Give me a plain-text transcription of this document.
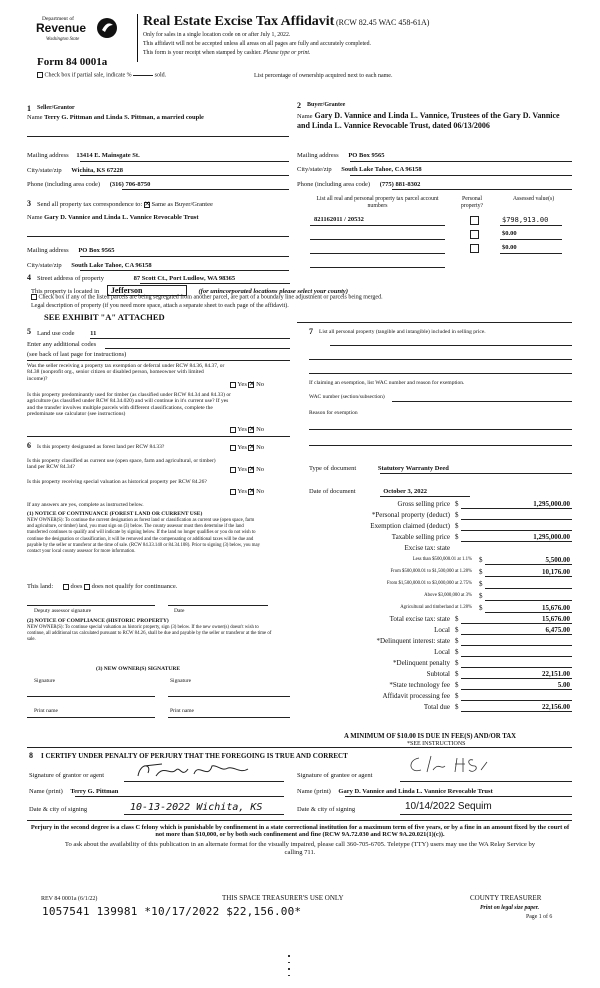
Department of
Revenue
Washington State
Form 84 0001a
Real Estate Excise Tax Affidavit (RCW 82.45 WAC 458-61A)
Only for sales in a single location code on or after July 1, 2022.
This affidavit will not be accepted unless all areas on all pages are fully and accurately completed.
This form is your receipt when stamped by cashier. Please type or print.
Check box if partial sale, indicate %	sold.	List percentage of ownership acquired next to each name.
1 Seller/Grantor
Name Terry G. Pittman and Linda S. Pittman, a married couple
Mailing address 13414 E. Mainsgate St.
City/state/zip Wichita, KS 67228
Phone (including area code) (316) 706-8750
2 Buyer/Grantee
Name Gary D. Vannice and Linda L. Vannice, Trustees of the Gary D. Vannice and Linda L. Vannice Revocable Trust, dated 06/13/2006
Mailing address PO Box 9565
City/state/zip South Lake Tahoe, CA 96158
Phone (including area code) (775) 881-8302
3 Send all property tax correspondence to: ✕ Same as Buyer/Grantee
Name Gary D. Vannice and Linda L. Vannice Revocable Trust
Mailing address PO Box 9565
City/state/zip South Lake Tahoe, CA 96158
List all real and personal property tax parcel account numbers
Personal property?
Assessed value(s)
821162011 / 20532	$798,913.00
$0.00
$0.00
4 Street address of property	87 Scott Ct., Port Ludlow, WA 98365
This property is located in Jefferson	(for unincorporated locations please select your county)
Check box if any of the listed parcels are being segregated from another parcel, are part of a boundary line adjustment or parcels being merged.
Legal description of property (if you need more space, attach a separate sheet to each page of the affidavit).
SEE EXHIBIT "A" ATTACHED
5 Land use code 11
Enter any additional codes
(see back of last page for instructions)
Was the seller receiving a property tax exemption or deferral under RCW 84.36, 84.37, or 84.38 (nonprofit org., senior citizen or disabled person, homeowner with limited income)?
Yes ✕ No
Is this property predominantly used for timber (as classified under RCW 84.34 and 84.33) or agriculture (as classified under RCW 84.34.020) and will continue in it's current use? If yes and the transfer involves multiple parcels with different classifications, complete the predominate use calculator (see instructions)
Yes ✕ No
6 Is this property designated as forest land per RCW 84.33?	Yes ✕ No
Is this property classified as current use (open space, farm and agricultural, or timber) land per RCW 84.34?	Yes ✕ No
Is this property receiving special valuation as historical property per RCW 84.26?
Yes ✕ No
If any answers are yes, complete as instructed below.
(1) NOTICE OF CONTINUANCE (FOREST LAND OR CURRENT USE)
NEW OWNER(S): To continue the current designation as forest land or classification as current use (open space, farm and agriculture, or timber) land, you must sign on (3) below. The county assessor must then determine if the land transferred continues to qualify and will indicate by signing below. If the land no longer qualifies or you do not wish to continue the designation or classification, it will be removed and the compensating or additional taxes will be due and payable by the seller or transferor at the time of sale. (RCW 84.33.140 or 84.34.108). Prior to signing (3) below, you may contact your local county assessor for more information.
This land:	does does not qualify for continuance.
Deputy assessor signature	Date
(2) NOTICE OF COMPLIANCE (HISTORIC PROPERTY)
NEW OWNER(S): To continue special valuation as historic property, sign (3) below. If the new owner(s) doesn't wish to continue, all additional tax calculated pursuant to RCW 84.26, shall be due and payable by the seller or transferor at the time of sale.
(3) NEW OWNER(S) SIGNATURE
Signature	Signature
Print name	Print name
7	List all personal property (tangible and intangible) included in selling price.
If claiming an exemption, list WAC number and reason for exemption.
WAC number (section/subsection)
Reason for exemption
Type of document	Statutory Warranty Deed
Date of document	October 3, 2022
Gross selling price $	1,295,000.00
*Personal property (deduct) $
Exemption claimed (deduct) $
Taxable selling price $	1,295,000.00
Excise tax: state
Less than $500,000.01 at 1.1% $	5,500.00
From $500,000.01 to $1,500,000 at 1.28% $	10,176.00
From $1,500,000.01 to $3,000,000 at 2.75% $
Above $3,000,000 at 3% $
Agricultural and timberland at 1.28% $	15,676.00
Total excise tax: state $	15,676.00
Local $	6,475.00
*Delinquent interest: state $
Local $
*Delinquent penalty $
Subtotal $	22,151.00
*State technology fee $	5.00
Affidavit processing fee $
Total due $	22,156.00
A MINIMUM OF $10.00 IS DUE IN FEE(S) AND/OR TAX
*SEE INSTRUCTIONS
8 I CERTIFY UNDER PENALTY OF PERJURY THAT THE FOREGOING IS TRUE AND CORRECT
Signature of grantor or agent	Signature of grantee or agent
Name (print) Terry G. Pittman	Name (print) Gary D. Vannice and Linda L. Vannice Revocable Trust
Date & city of signing	10-13-2022 Wichita, KS	Date & city of signing	10/14/2022 Sequim
Perjury in the second degree is a class C felony which is punishable by confinement in a state correctional institution for a maximum term of five years, or by a fine in an amount fixed by the court of not more than $10,000, or by both such confinement and fine (RCW 9A.72.030 and RCW 9A.20.021(1)(c)).
To ask about the availability of this publication in an alternate format for the visually impaired, please call 360-705-6705. Teletype (TTY) users may use the WA Relay Service by calling 711.
REV 84 0001a (6/1/22)	THIS SPACE TREASURER'S USE ONLY	COUNTY TREASURER
Print on legal size paper.
Page 1 of 6
1057541 139981 *10/17/2022 $22,156.00*
